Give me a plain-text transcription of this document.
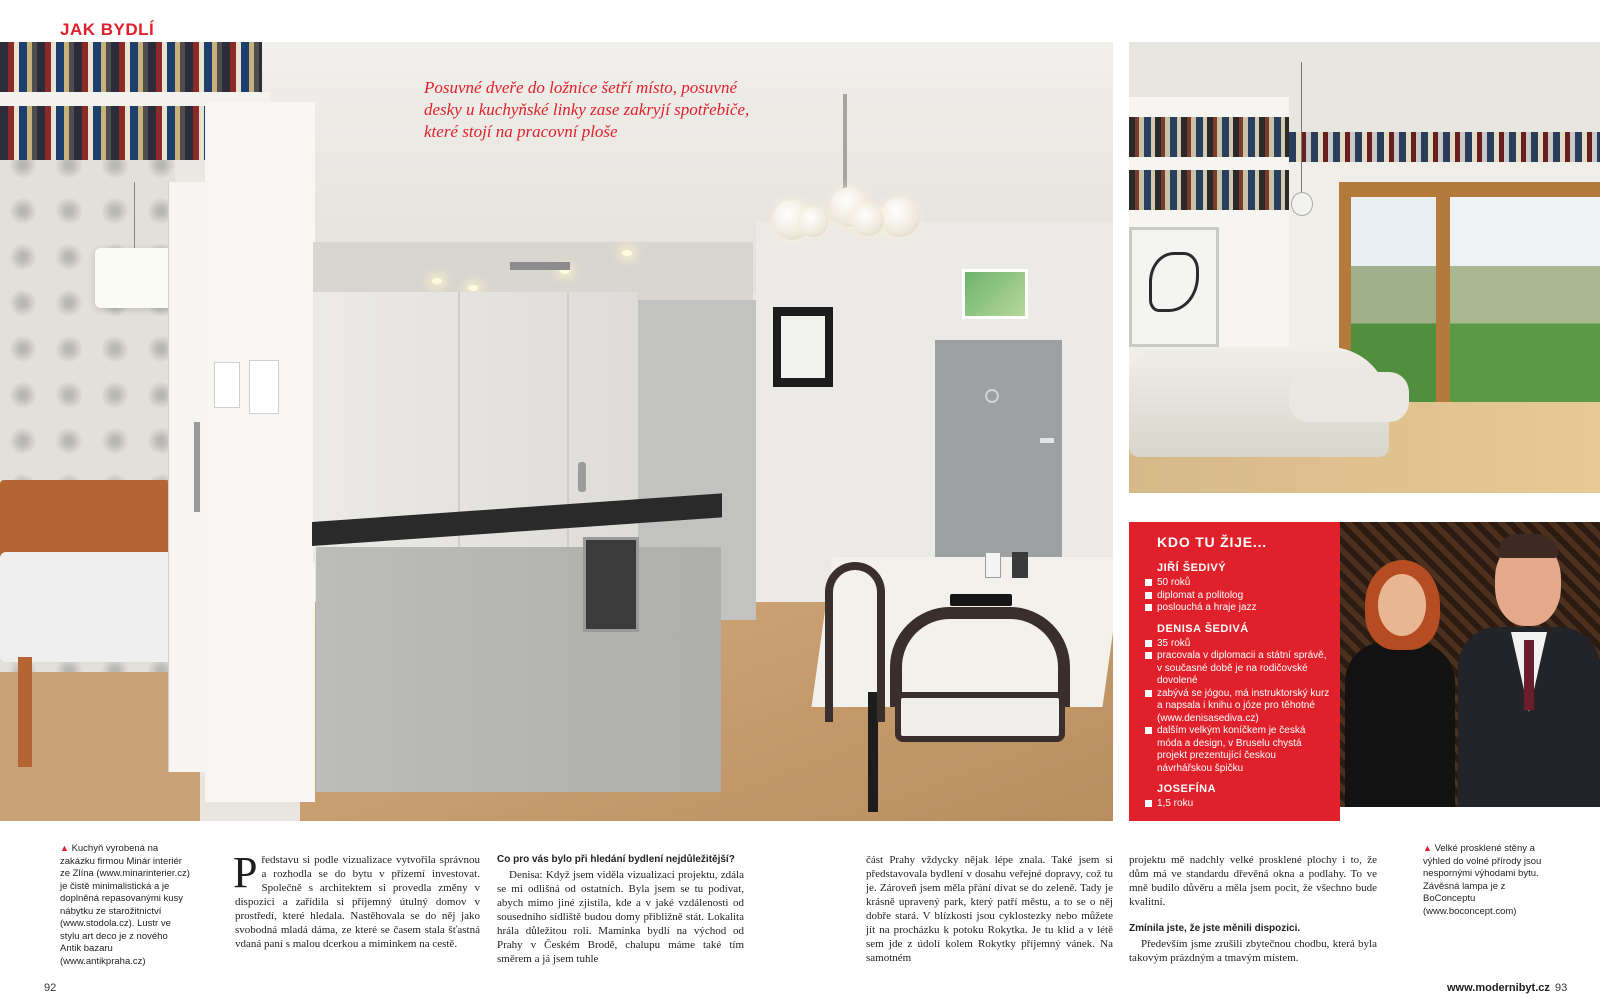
JAK BYDLÍ
Posuvné dveře do ložnice šetří místo, posuvné desky u kuchyňské linky zase zakryjí spotřebiče, které stojí na pracovní ploše
KDO TU ŽIJE...
JIŘÍ ŠEDIVÝ
50 roků
diplomat a politolog
poslouchá a hraje jazz
DENISA ŠEDIVÁ
35 roků
pracovala v diplomacii a státní správě, v současné době je na rodičovské dovolené
zabývá se jógou, má instruktorský kurz a napsala i knihu o józe pro těhotné (www.denisasediva.cz)
dalším velkým koníčkem je česká móda a design, v Bruselu chystá projekt prezentující českou návrhářskou špičku
JOSEFÍNA
1,5 roku
▲ Kuchyň vyrobená na zakázku firmou Minár interiér ze Zlína (www.minarinterier.cz) je čistě minimalistická a je doplněná repasovanými kusy nábytku ze starožitnictví (www.stodola.cz). Lustr ve stylu art deco je z nového Antik bazaru (www.antikpraha.cz)
▲ Velké prosklené stěny a výhled do volné přírody jsou nespornými výhodami bytu. Závěsná lampa je z BoConceptu (www.boconcept.com)
P ředstavu si podle vizualizace vytvořila správnou a rozhodla se do bytu v přízemí investovat. Společně s architektem si provedla změny v dispozici a zařídila si příjemný útulný domov v prostředí, které hledala. Nastěhovala se do něj jako svobodná mladá dáma, ze které se časem stala šťastná vdaná paní s malou dcerkou a miminkem na cestě.
Co pro vás bylo při hledání bydlení nejdůležitější?
Denisa: Když jsem viděla vizualizaci projektu, zdála se mi odlišná od ostatních. Byla jsem se tu podívat, abych mimo jiné zjistila, kde a v jaké vzdálenosti od sousedního sídliště budou domy přibližně stát. Lokalita hrála důležitou roli. Maminka bydlí na východ od Prahy v Českém Brodě, chalupu máme také tím směrem a já jsem tuhle
část Prahy vždycky nějak lépe znala. Také jsem si představovala bydlení v dosahu veřejné dopravy, což tu je. Zároveň jsem měla přání dívat se do zeleně. Tady je krásně upravený park, který patří městu, a to se o něj dobře stará. V blízkosti jsou cyklostezky nebo můžete jít na procházku k potoku Rokytka. Je tu klid a v létě sem jde z údolí kolem Rokytky příjemný vánek. Na samotném
projektu mě nadchly velké prosklené plochy i to, že dům má ve standardu dřevěná okna a podlahy. To ve mně budilo důvěru a měla jsem pocit, že všechno bude kvalitní.
Zmínila jste, že jste měnili dispozici.
Především jsme zrušili zbytečnou chodbu, která byla takovým prázdným a tmavým místem.
92	www.modernibyt.cz 93
